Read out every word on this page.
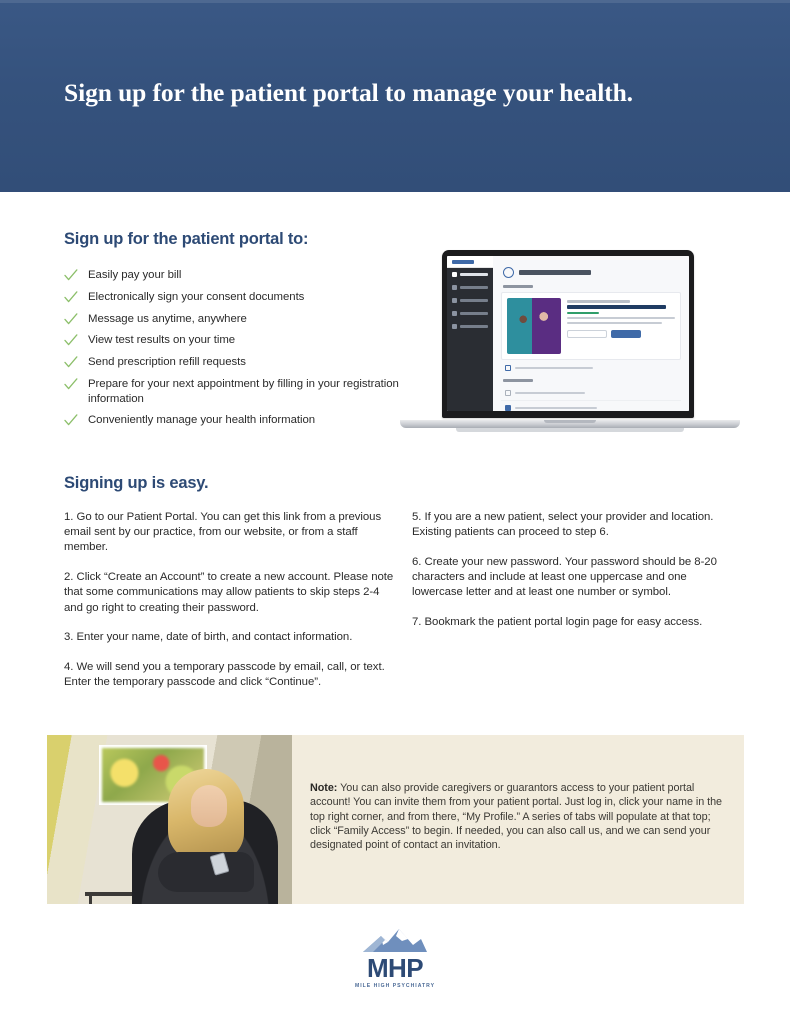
Sign up for the patient portal to manage your health.
Sign up for the patient portal to:
Easily pay your bill
Electronically sign your consent documents
Message us anytime, anywhere
View test results on your time
Send prescription refill requests
Prepare for your next appointment by filling in your registration information
Conveniently manage your health information
Signing up is easy.

1. Go to our Patient Portal. You can get this link from a previous email sent by our practice, from our website, or from a staff member.

2. Click “Create an Account” to create a new account. Please note that some communications may allow patients to skip steps 2-4 and go right to creating their password.

3. Enter your name, date of birth, and contact information.

4. We will send you a temporary passcode by email, call, or text. Enter the temporary passcode and click “Continue”.

5. If you are a new patient, select your provider and location. Existing patients can proceed to step 6.

6. Create your new password. Your password should be 8-20 characters and include at least one uppercase and one lowercase letter and at least one number or symbol.

7. Bookmark the patient portal login page for easy access.

Note: You can also provide caregivers or guarantors access to your patient portal account! You can invite them from your patient portal. Just log in, click your name in the top right corner, and from there, “My Profile.” A series of tabs will populate at that top; click “Family Access” to begin. If needed, you can also call us, and we can send your designated point of contact an invitation.
MHP
MILE HIGH PSYCHIATRY
